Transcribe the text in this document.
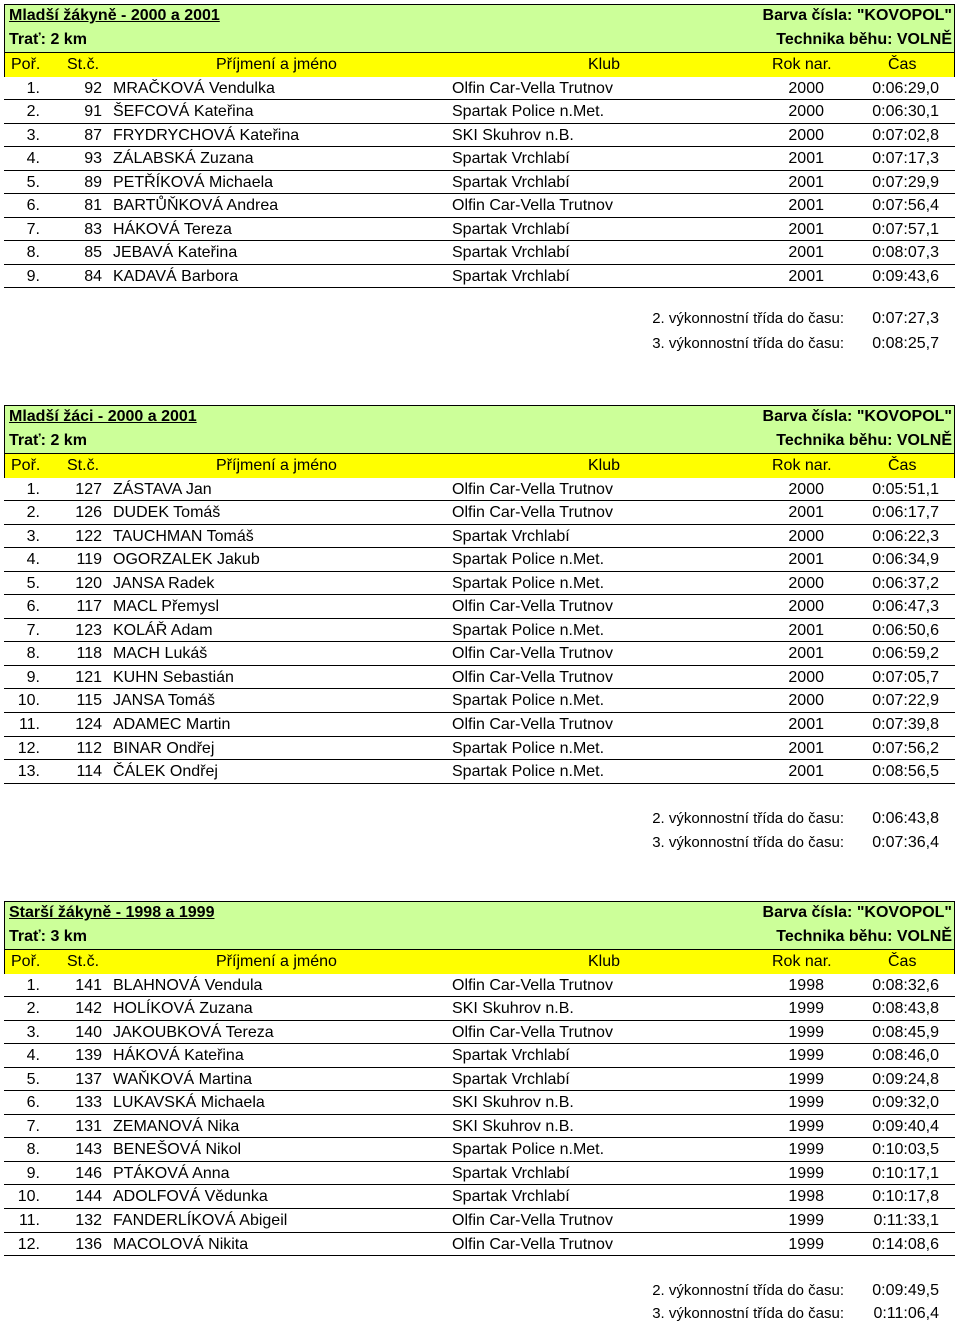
Mladší žákyně - 2000 a 2001	Barva čísla: "KOVOPOL"
Trať: 2 km	Technika běhu: VOLNĚ
Poř. St.č.	Příjmení a jméno	Klub	Rok nar.	Čas
1.	92 MRAČKOVÁ Vendulka	Olfin Car-Vella Trutnov	2000	0:06:29,0
2.	91 ŠEFCOVÁ Kateřina	Spartak Police n.Met.	2000	0:06:30,1
3.	87 FRYDRYCHOVÁ Kateřina	SKI Skuhrov n.B.	2000	0:07:02,8
4.	93 ZÁLABSKÁ Zuzana	Spartak Vrchlabí	2001	0:07:17,3
5.	89 PETŘÍKOVÁ Michaela	Spartak Vrchlabí	2001	0:07:29,9
6.	81 BARTŮŇKOVÁ Andrea	Olfin Car-Vella Trutnov	2001	0:07:56,4
7.	83 HÁKOVÁ Tereza	Spartak Vrchlabí	2001	0:07:57,1
8.	85 JEBAVÁ Kateřina	Spartak Vrchlabí	2001	0:08:07,3
9.	84 KADAVÁ Barbora	Spartak Vrchlabí	2001	0:09:43,6
2. výkonnostní třída do času: 0:07:27,3
3. výkonnostní třída do času: 0:08:25,7
Mladší žáci - 2000 a 2001	Barva čísla: "KOVOPOL"
Trať: 2 km	Technika běhu: VOLNĚ
Poř. St.č.	Příjmení a jméno	Klub	Rok nar.	Čas
1. 127 ZÁSTAVA Jan	Olfin Car-Vella Trutnov	2000	0:05:51,1
2. 126 DUDEK Tomáš	Olfin Car-Vella Trutnov	2001	0:06:17,7
3. 122 TAUCHMAN Tomáš	Spartak Vrchlabí	2000	0:06:22,3
4. 119 OGORZALEK Jakub	Spartak Police n.Met.	2001	0:06:34,9
5. 120 JANSA Radek	Spartak Police n.Met.	2000	0:06:37,2
6. 117 MACL Přemysl	Olfin Car-Vella Trutnov	2000	0:06:47,3
7. 123 KOLÁŘ Adam	Spartak Police n.Met.	2001	0:06:50,6
8. 118 MACH Lukáš	Olfin Car-Vella Trutnov	2001	0:06:59,2
9. 121 KUHN Sebastián	Olfin Car-Vella Trutnov	2000	0:07:05,7
10. 115 JANSA Tomáš	Spartak Police n.Met.	2000	0:07:22,9
11. 124 ADAMEC Martin	Olfin Car-Vella Trutnov	2001	0:07:39,8
12. 112 BINAR Ondřej	Spartak Police n.Met.	2001	0:07:56,2
13. 114 ČÁLEK Ondřej	Spartak Police n.Met.	2001	0:08:56,5
2. výkonnostní třída do času: 0:06:43,8
3. výkonnostní třída do času: 0:07:36,4
Starší žákyně - 1998 a 1999	Barva čísla: "KOVOPOL"
Trať: 3 km	Technika běhu: VOLNĚ
Poř. St.č.	Příjmení a jméno	Klub	Rok nar.	Čas
1. 141 BLAHNOVÁ Vendula	Olfin Car-Vella Trutnov	1998	0:08:32,6
2. 142 HOLÍKOVÁ Zuzana	SKI Skuhrov n.B.	1999	0:08:43,8
3. 140 JAKOUBKOVÁ Tereza	Olfin Car-Vella Trutnov	1999	0:08:45,9
4. 139 HÁKOVÁ Kateřina	Spartak Vrchlabí	1999	0:08:46,0
5. 137 WAŇKOVÁ Martina	Spartak Vrchlabí	1999	0:09:24,8
6. 133 LUKAVSKÁ Michaela	SKI Skuhrov n.B.	1999	0:09:32,0
7. 131 ZEMANOVÁ Nika	SKI Skuhrov n.B.	1999	0:09:40,4
8. 143 BENEŠOVÁ Nikol	Spartak Police n.Met.	1999	0:10:03,5
9. 146 PTÁKOVÁ Anna	Spartak Vrchlabí	1999	0:10:17,1
10. 144 ADOLFOVÁ Vědunka	Spartak Vrchlabí	1998	0:10:17,8
11. 132 FANDERLÍKOVÁ Abigeil	Olfin Car-Vella Trutnov	1999	0:11:33,1
12. 136 MACOLOVÁ Nikita	Olfin Car-Vella Trutnov	1999	0:14:08,6
2. výkonnostní třída do času: 0:09:49,5
3. výkonnostní třída do času: 0:11:06,4
